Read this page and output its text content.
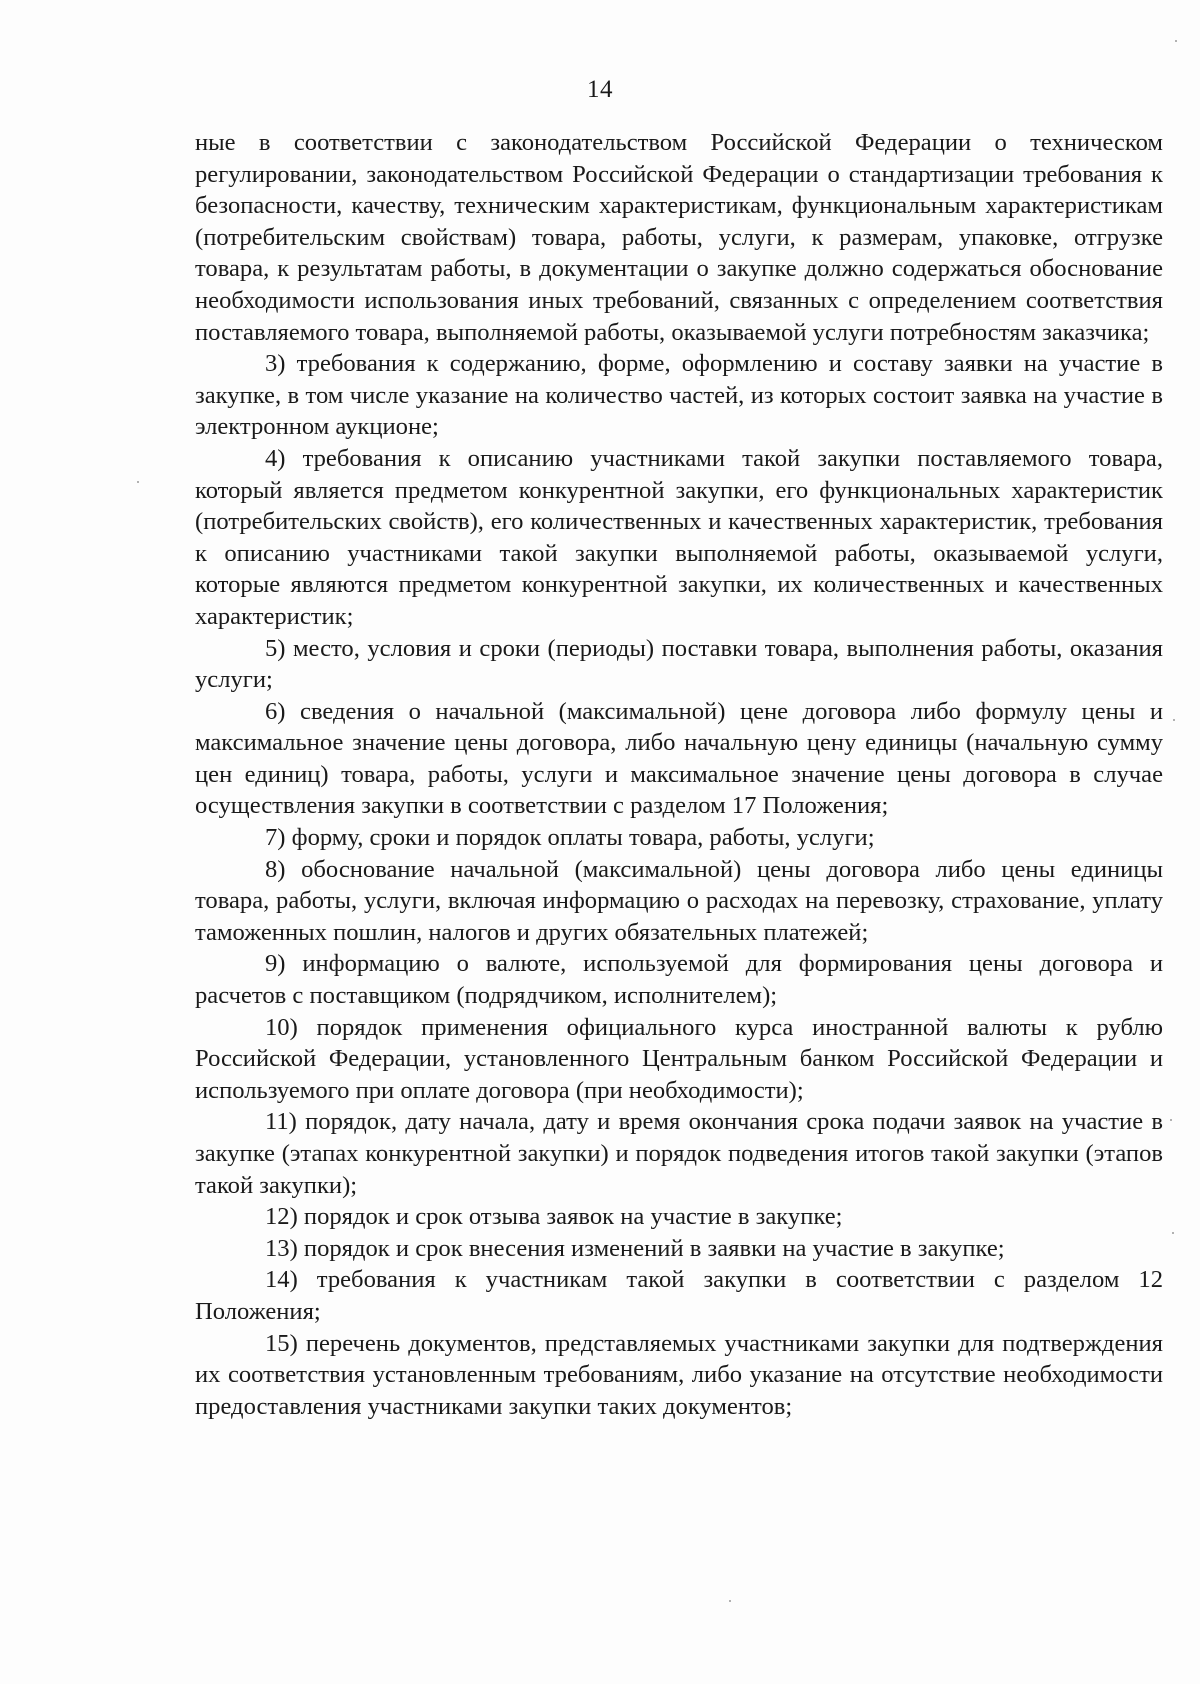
14

ные в соответствии с законодательством Российской Федерации о техническом регулировании, законодательством Российской Федерации о стандартизации требования к безопасности, качеству, техническим характеристикам, функциональным характеристикам (потребительским свойствам) товара, работы, услуги, к размерам, упаковке, отгрузке товара, к результатам работы, в документации о закупке должно содержаться обоснование необходимости использования иных требований, связанных с определением соответствия поставляемого товара, выполняемой работы, оказываемой услуги потребностям заказчика;

3) требования к содержанию, форме, оформлению и составу заявки на участие в закупке, в том числе указание на количество частей, из которых состоит заявка на участие в электронном аукционе;

4) требования к описанию участниками такой закупки поставляемого товара, который является предметом конкурентной закупки, его функциональных характеристик (потребительских свойств), его количественных и качественных характеристик, требования к описанию участниками такой закупки выполняемой работы, оказываемой услуги, которые являются предметом конкурентной закупки, их количественных и качественных характеристик;

5) место, условия и сроки (периоды) поставки товара, выполнения работы, оказания услуги;

6) сведения о начальной (максимальной) цене договора либо формулу цены и максимальное значение цены договора, либо начальную цену единицы (начальную сумму цен единиц) товара, работы, услуги и максимальное значение цены договора в случае осуществления закупки в соответствии с разделом 17 Положения;

7) форму, сроки и порядок оплаты товара, работы, услуги;

8) обоснование начальной (максимальной) цены договора либо цены единицы товара, работы, услуги, включая информацию о расходах на перевозку, страхование, уплату таможенных пошлин, налогов и других обязательных платежей;

9) информацию о валюте, используемой для формирования цены договора и расчетов с поставщиком (подрядчиком, исполнителем);

10) порядок применения официального курса иностранной валюты к рублю Российской Федерации, установленного Центральным банком Российской Федерации и используемого при оплате договора (при необходимости);

11) порядок, дату начала, дату и время окончания срока подачи заявок на участие в закупке (этапах конкурентной закупки) и порядок подведения итогов такой закупки (этапов такой закупки);

12) порядок и срок отзыва заявок на участие в закупке;

13) порядок и срок внесения изменений в заявки на участие в закупке;

14) требования к участникам такой закупки в соответствии с разделом 12 Положения;

15) перечень документов, представляемых участниками закупки для подтверждения их соответствия установленным требованиям, либо указание на отсутствие необходимости предоставления участниками закупки таких документов;
